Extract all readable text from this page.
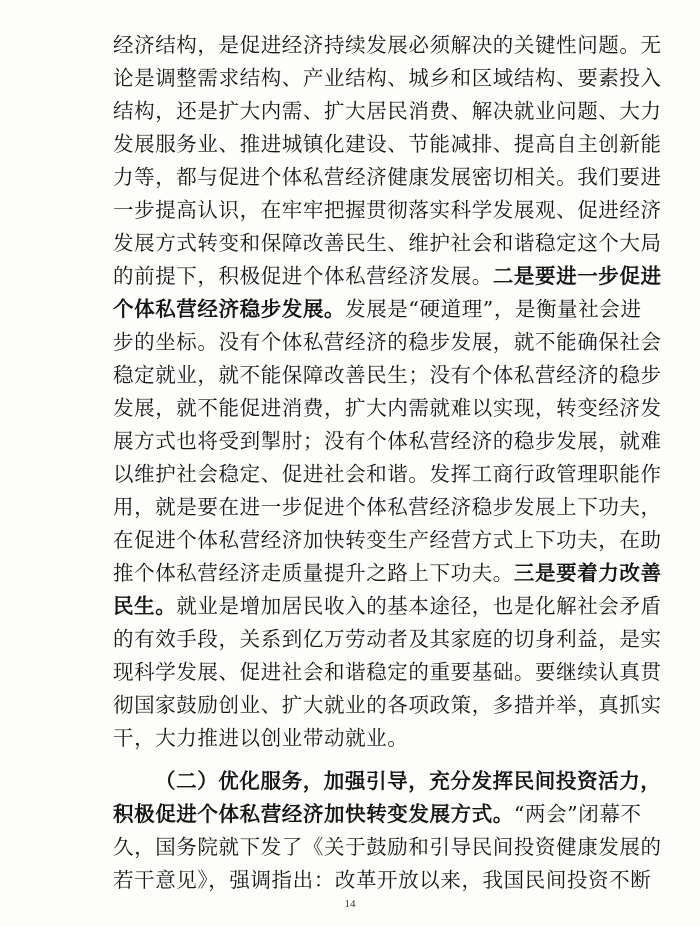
经济结构，是促进经济持续发展必须解决的关键性问题。无
论是调整需求结构、产业结构、城乡和区域结构、要素投入
结构，还是扩大内需、扩大居民消费、解决就业问题、大力
发展服务业、推进城镇化建设、节能减排、提高自主创新能
力等，都与促进个体私营经济健康发展密切相关。我们要进
一步提高认识，在牢牢把握贯彻落实科学发展观、促进经济
发展方式转变和保障改善民生、维护社会和谐稳定这个大局
的前提下，积极促进个体私营经济发展。二是要进一步促进
个体私营经济稳步发展。发展是“硬道理”，是衡量社会进
步的坐标。没有个体私营经济的稳步发展，就不能确保社会
稳定就业，就不能保障改善民生；没有个体私营经济的稳步
发展，就不能促进消费，扩大内需就难以实现，转变经济发
展方式也将受到掣肘；没有个体私营经济的稳步发展，就难
以维护社会稳定、促进社会和谐。发挥工商行政管理职能作
用，就是要在进一步促进个体私营经济稳步发展上下功夫，
在促进个体私营经济加快转变生产经营方式上下功夫，在助
推个体私营经济走质量提升之路上下功夫。三是要着力改善
民生。就业是增加居民收入的基本途径，也是化解社会矛盾
的有效手段，关系到亿万劳动者及其家庭的切身利益，是实
现科学发展、促进社会和谐稳定的重要基础。要继续认真贯
彻国家鼓励创业、扩大就业的各项政策，多措并举，真抓实
干，大力推进以创业带动就业。
（二）优化服务，加强引导，充分发挥民间投资活力，
积极促进个体私营经济加快转变发展方式。“两会”闭幕不
久，国务院就下发了《关于鼓励和引导民间投资健康发展的
若干意见》，强调指出：改革开放以来，我国民间投资不断
14
